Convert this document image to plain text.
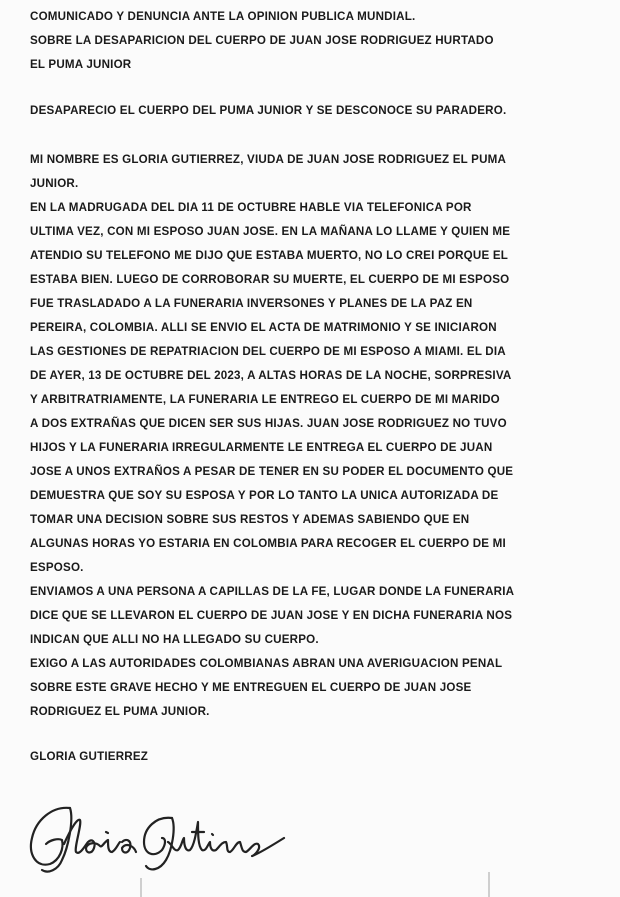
COMUNICADO Y DENUNCIA ANTE LA OPINION PUBLICA MUNDIAL.
SOBRE LA DESAPARICION DEL CUERPO DE JUAN JOSE RODRIGUEZ HURTADO
EL PUMA JUNIOR
DESAPARECIO EL CUERPO DEL PUMA JUNIOR Y SE DESCONOCE SU PARADERO.
MI NOMBRE ES GLORIA GUTIERREZ, VIUDA DE JUAN JOSE RODRIGUEZ EL PUMA
JUNIOR.
EN LA MADRUGADA DEL DIA 11 DE OCTUBRE HABLE VIA TELEFONICA POR
ULTIMA VEZ, CON MI ESPOSO JUAN JOSE. EN LA MAÑANA LO LLAME Y QUIEN ME
ATENDIO SU TELEFONO ME DIJO QUE ESTABA MUERTO, NO LO CREI PORQUE EL
ESTABA BIEN. LUEGO DE CORROBORAR SU MUERTE, EL CUERPO DE MI ESPOSO
FUE TRASLADADO A LA FUNERARIA INVERSONES Y PLANES DE LA PAZ EN
PEREIRA, COLOMBIA. ALLI SE ENVIO EL ACTA DE MATRIMONIO Y SE INICIARON
LAS GESTIONES DE REPATRIACION DEL CUERPO DE MI ESPOSO A MIAMI. EL DIA
DE AYER, 13 DE OCTUBRE DEL 2023, A ALTAS HORAS DE LA NOCHE, SORPRESIVA
Y ARBITRATRIAMENTE, LA FUNERARIA LE ENTREGO EL CUERPO DE MI MARIDO
A DOS EXTRAÑAS QUE DICEN SER SUS HIJAS. JUAN JOSE RODRIGUEZ NO TUVO
HIJOS Y LA FUNERARIA IRREGULARMENTE LE ENTREGA EL CUERPO DE JUAN
JOSE A UNOS EXTRAÑOS A PESAR DE TENER EN SU PODER EL DOCUMENTO QUE
DEMUESTRA QUE SOY SU ESPOSA Y POR LO TANTO LA UNICA AUTORIZADA DE
TOMAR UNA DECISION SOBRE SUS RESTOS Y ADEMAS SABIENDO QUE EN
ALGUNAS HORAS YO ESTARIA EN COLOMBIA PARA RECOGER EL CUERPO DE MI
ESPOSO.
ENVIAMOS A UNA PERSONA A CAPILLAS DE LA FE, LUGAR DONDE LA FUNERARIA
DICE QUE SE LLEVARON EL CUERPO DE JUAN JOSE Y EN DICHA FUNERARIA NOS
INDICAN QUE ALLI NO HA LLEGADO SU CUERPO.
EXIGO A LAS AUTORIDADES COLOMBIANAS ABRAN UNA AVERIGUACION PENAL
SOBRE ESTE GRAVE HECHO Y ME ENTREGUEN EL CUERPO DE JUAN JOSE
RODRIGUEZ EL PUMA JUNIOR.
GLORIA GUTIERREZ
